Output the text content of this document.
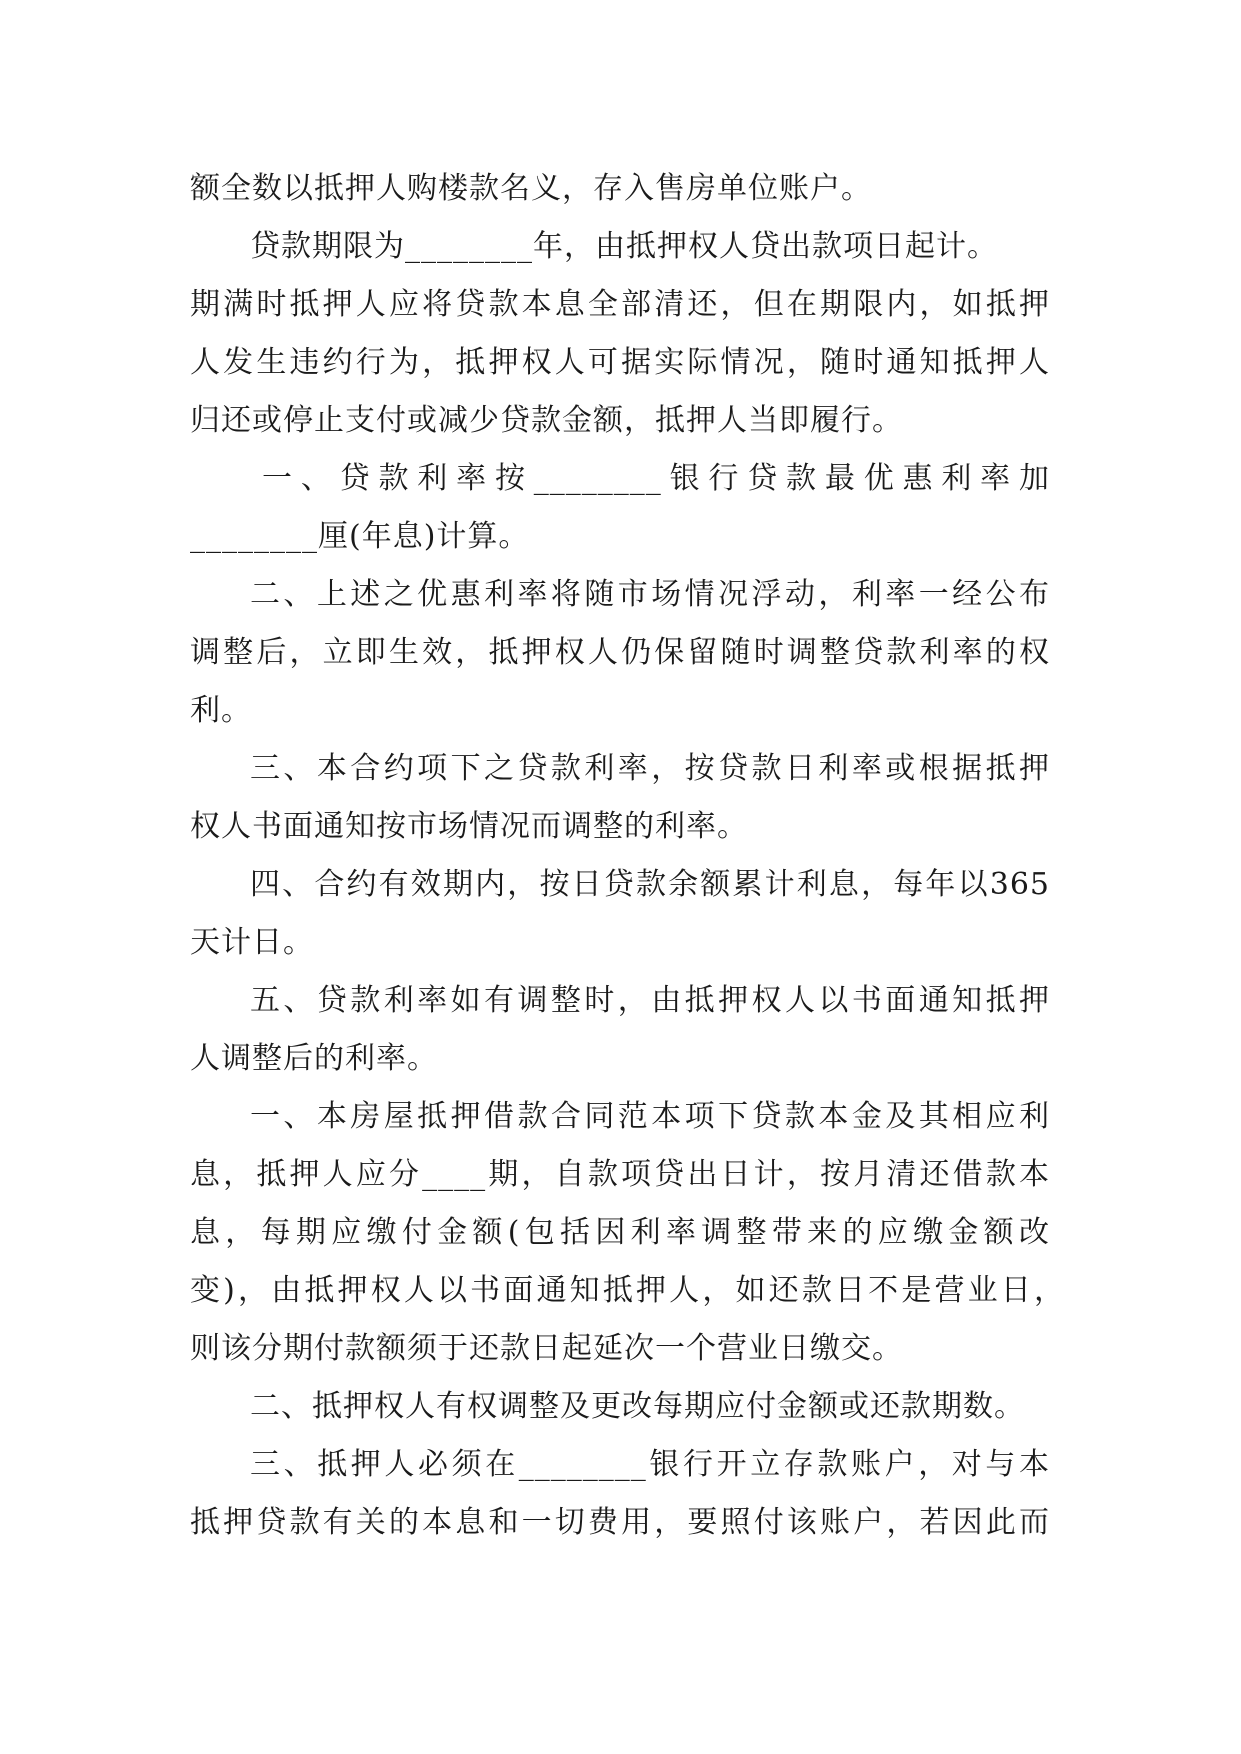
额全数以抵押人购楼款名义，存入售房单位账户。
贷款期限为________年，由抵押权人贷出款项日起计。
期满时抵押人应将贷款本息全部清还，但在期限内，如抵押
人发生违约行为，抵押权人可据实际情况，随时通知抵押人
归还或停止支付或减少贷款金额，抵押人当即履行。
一、贷款利率按________银行贷款最优惠利率加
________厘(年息)计算。
二、上述之优惠利率将随市场情况浮动，利率一经公布
调整后，立即生效，抵押权人仍保留随时调整贷款利率的权
利。
三、本合约项下之贷款利率，按贷款日利率或根据抵押
权人书面通知按市场情况而调整的利率。
四、合约有效期内，按日贷款余额累计利息，每年以365
天计日。
五、贷款利率如有调整时，由抵押权人以书面通知抵押
人调整后的利率。
一、本房屋抵押借款合同范本项下贷款本金及其相应利
息，抵押人应分____期，自款项贷出日计，按月清还借款本
息，每期应缴付金额(包括因利率调整带来的应缴金额改
变)，由抵押权人以书面通知抵押人，如还款日不是营业日，
则该分期付款额须于还款日起延次一个营业日缴交。
二、抵押权人有权调整及更改每期应付金额或还款期数。
三、抵押人必须在________银行开立存款账户，对与本
抵押贷款有关的本息和一切费用，要照付该账户，若因此而
